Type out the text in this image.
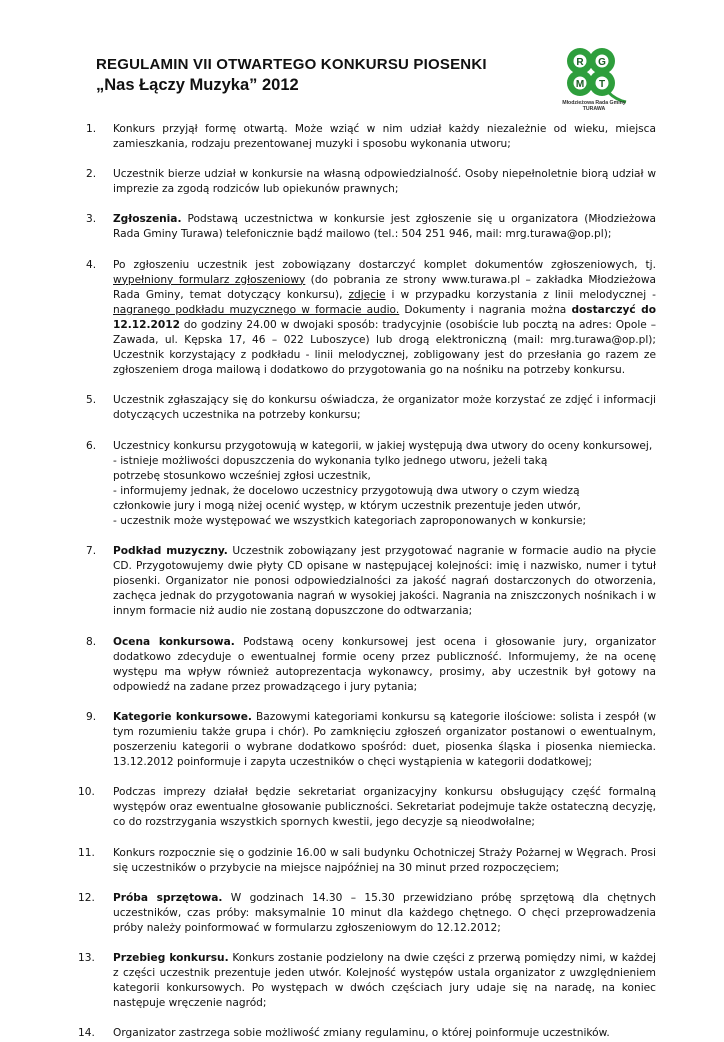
REGULAMIN VII OTWARTEGO KONKURSU PIOSENKI
„Nas Łączy Muzyka” 2012
R G
M T
Młodzieżowa Rada Gminy
TURAWA
1.	Konkurs przyjął formę otwartą. Może wziąć w nim udział każdy niezależnie od wieku, miejsca zamieszkania, rodzaju prezentowanej muzyki i sposobu wykonania utworu;
2.	Uczestnik bierze udział w konkursie na własną odpowiedzialność. Osoby niepełnoletnie biorą udział w imprezie za zgodą rodziców lub opiekunów prawnych;
3.	Zgłoszenia. Podstawą uczestnictwa w konkursie jest zgłoszenie się u organizatora (Młodzieżowa Rada Gminy Turawa) telefonicznie bądź mailowo (tel.: 504 251 946, mail: mrg.turawa@op.pl);
4.	Po zgłoszeniu uczestnik jest zobowiązany dostarczyć komplet dokumentów zgłoszeniowych, tj. wypełniony formularz zgłoszeniowy (do pobrania ze strony www.turawa.pl – zakładka Młodzieżowa Rada Gminy, temat dotyczący konkursu), zdjęcie i w przypadku korzystania z linii melodycznej - nagranego podkładu muzycznego w formacie audio. Dokumenty i nagrania można dostarczyć do 12.12.2012 do godziny 24.00 w dwojaki sposób: tradycyjnie (osobiście lub pocztą na adres: Opole – Zawada, ul. Kępska 17, 46 – 022 Luboszyce) lub drogą elektroniczną (mail: mrg.turawa@op.pl); Uczestnik korzystający z podkładu - linii melodycznej, zobligowany jest do przesłania go razem ze zgłoszeniem droga mailową i dodatkowo do przygotowania go na nośniku na potrzeby konkursu.
5.	Uczestnik zgłaszający się do konkursu oświadcza, że organizator może korzystać ze zdjęć i informacji dotyczących uczestnika na potrzeby konkursu;
6.	Uczestnicy konkursu przygotowują w kategorii, w jakiej występują dwa utwory do oceny konkursowej,
- istnieje możliwości dopuszczenia do wykonania tylko jednego utworu, jeżeli taką
potrzebę stosunkowo wcześniej zgłosi uczestnik,
- informujemy jednak, że docelowo uczestnicy przygotowują dwa utwory o czym wiedzą
członkowie jury i mogą niżej ocenić występ, w którym uczestnik prezentuje jeden utwór,
- uczestnik może występować we wszystkich kategoriach zaproponowanych w konkursie;
7.	Podkład muzyczny. Uczestnik zobowiązany jest przygotować nagranie w formacie audio na płycie CD. Przygotowujemy dwie płyty CD opisane w następującej kolejności: imię i nazwisko, numer i tytuł piosenki. Organizator nie ponosi odpowiedzialności za jakość nagrań dostarczonych do otworzenia, zachęca jednak do przygotowania nagrań w wysokiej jakości. Nagrania na zniszczonych nośnikach i w innym formacie niż audio nie zostaną dopuszczone do odtwarzania;
8.	Ocena konkursowa. Podstawą oceny konkursowej jest ocena i głosowanie jury, organizator dodatkowo zdecyduje o ewentualnej formie oceny przez publiczność. Informujemy, że na ocenę występu ma wpływ również autoprezentacja wykonawcy, prosimy, aby uczestnik był gotowy na odpowiedź na zadane przez prowadzącego i jury pytania;
9.	Kategorie konkursowe. Bazowymi kategoriami konkursu są kategorie ilościowe: solista i zespół (w tym rozumieniu także grupa i chór). Po zamknięciu zgłoszeń organizator postanowi o ewentualnym, poszerzeniu kategorii o wybrane dodatkowo spośród: duet, piosenka śląska i piosenka niemiecka. 13.12.2012 poinformuje i zapyta uczestników o chęci wystąpienia w kategorii dodatkowej;
10. Podczas imprezy działał będzie sekretariat organizacyjny konkursu obsługujący część formalną występów oraz ewentualne głosowanie publiczności. Sekretariat podejmuje także ostateczną decyzję, co do rozstrzygania wszystkich spornych kwestii, jego decyzje są nieodwołalne;
11. Konkurs rozpocznie się o godzinie 16.00 w sali budynku Ochotniczej Straży Pożarnej w Węgrach. Prosi się uczestników o przybycie na miejsce najpóźniej na 30 minut przed rozpoczęciem;
12. Próba sprzętowa. W godzinach 14.30 – 15.30 przewidziano próbę sprzętową dla chętnych uczestników, czas próby: maksymalnie 10 minut dla każdego chętnego. O chęci przeprowadzenia próby należy poinformować w formularzu zgłoszeniowym do 12.12.2012;
13. Przebieg konkursu. Konkurs zostanie podzielony na dwie części z przerwą pomiędzy nimi, w każdej z części uczestnik prezentuje jeden utwór. Kolejność występów ustala organizator z uwzględnieniem kategorii konkursowych. Po występach w dwóch częściach jury udaje się na naradę, na koniec następuje wręczenie nagród;
14. Organizator zastrzega sobie możliwość zmiany regulaminu, o której poinformuje uczestników.
